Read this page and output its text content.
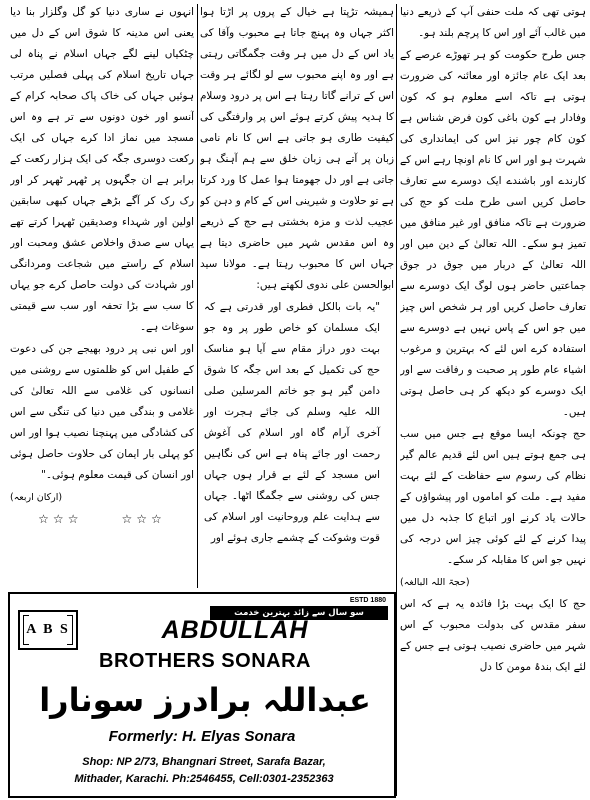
ہوتی تھی کہ ملت حنفی آپ کے ذریعے دنیا میں غالب آئے اور اس کا پرچم بلند ہو۔

جس طرح حکومت کو ہر تھوڑے عرصے کے بعد ایک عام جائزہ اور معائنہ کی ضرورت ہوتی ہے تاکہ اسے معلوم ہو کہ کون وفادار ہے کون باغی کون فرض شناس ہے کون کام چور نیز اس کی ایمانداری کی شہرت ہو اور اس کا نام اونچا رہے اس کے کارندے اور باشندے ایک دوسرے سے تعارف حاصل کریں اسی طرح ملت کو حج کی ضرورت ہے تاکہ منافق اور غیر منافق میں تمیز ہو سکے۔ اللہ تعالیٰ کے دین میں اور اللہ تعالیٰ کے دربار میں جوق در جوق جماعتیں حاضر ہوں لوگ ایک دوسرے سے تعارف حاصل کریں اور ہر شخص اس چیز میں جو اس کے پاس نہیں ہے دوسرے سے استفادہ کرے اس لئے کہ بہترین و مرغوب اشیاء عام طور پر صحبت و رفاقت سے اور ایک دوسرے کو دیکھ کر ہی حاصل ہوتی ہیں۔

حج چونکہ ایسا موقع ہے جس میں سب ہی جمع ہوتے ہیں اس لئے قدیم عالم گیر نظام کی رسوم سے حفاظت کے لئے بہت مفید ہے۔ ملت کو اماموں اور پیشواؤں کے حالات یاد کرنے اور اتباع کا جذبہ دل میں پیدا کرنے کے لئے کوئی چیز اس درجہ کی نہیں جو اس کا مقابلہ کر سکے۔

(حجۃ اللہ البالغہ)

حج کا ایک بہت بڑا فائدہ یہ ہے کہ اس سفر مقدس کی بدولت محبوب کے اس شہر میں حاضری نصیب ہوتی ہے جس کے لئے ایک بندۂ مومن کا دل

ہمیشہ تڑپتا ہے خیال کے پروں پر اڑتا ہوا اکثر جہاں وہ پہنچ جاتا ہے محبوب وآقا کی یاد اس کے دل میں ہر وقت جگمگاتی رہتی ہے اور وہ اپنے محبوب سے لو لگائے ہر وقت اس کے ترانے گاتا رہتا ہے اس پر درود وسلام کا ہدیہ پیش کرتے ہوئے اس پر وارفتگی کی کیفیت طاری ہو جاتی ہے اس کا نام نامی زبان پر آتے ہی زبان خلق سے ہم آہنگ ہو جاتی ہے اور دل جھومتا ہوا عمل کا ورد کرتا ہے تو حلاوت و شیرینی اس کے کام و دہن کو عجیب لذت و مزہ بخشتی ہے حج کے ذریعے وہ اس مقدس شہر میں حاضری دیتا ہے جہاں اس کا محبوب رہتا ہے۔ مولانا سید ابوالحسن علی ندوی لکھتے ہیں:

"یہ بات بالکل فطری اور قدرتی ہے کہ ایک مسلمان کو خاص طور پر وہ جو بہت دور دراز مقام سے آیا ہو مناسک حج کی تکمیل کے بعد اس جگہ کا شوق دامن گیر ہو جو خاتم المرسلین صلی اللہ علیہ وسلم کی جائے ہجرت اور آخری آرام گاہ اور اسلام کی آغوش رحمت اور جائے پناہ ہے اس کی نگاہیں اس مسجد کے لئے بے قرار ہوں جہاں جس کی روشنی سے جگمگا اٹھا۔ جہاں سے ہدایت علم وروحانیت اور اسلام کی قوت وشوکت کے چشمے جاری ہوئے اور

انہوں نے ساری دنیا کو گل وگلزار بنا دیا یعنی اس مدینہ کا شوق اس کے دل میں چٹکیاں لینے لگے جہاں اسلام نے پناہ لی جہاں تاریخ اسلام کی پہلی فصلیں مرتب ہوئیں جہاں کی خاک پاک صحابہ کرام کے آنسو اور خون دونوں سے تر ہے وہ اس مسجد میں نماز ادا کرے جہاں کی ایک رکعت دوسری جگہ کی ایک ہزار رکعت کے برابر ہے ان جگہوں پر ٹھہر ٹھہر کر اور رک رک کر آگے بڑھے جہاں کبھی سابقین اولین اور شہداء وصدیقین ٹھہرا کرتے تھے یہاں سے صدق واخلاص عشق ومحبت اور اسلام کے راستے میں شجاعت ومردانگی اور شہادت کی دولت حاصل کرے جو یہاں کا سب سے بڑا تحفہ اور سب سے قیمتی سوغات ہے۔

اور اس نبی پر درود بھیجے جن کی دعوت کے طفیل اس کو ظلمتوں سے روشنی میں انسانوں کی غلامی سے اللہ تعالیٰ کی غلامی و بندگی میں دنیا کی تنگی سے اس کی کشادگی میں پہنچنا نصیب ہوا اور اس کو پہلی بار ایمان کی حلاوت حاصل ہوئی اور انسان کی قیمت معلوم ہوئی۔"

(ارکان اربعہ)

☆☆☆	☆☆☆

ESTD 1880
سو سال سے زائد بہترین خدمت
A B S	ABDULLAH
BROTHERS SONARA
عبداللہ برادرز سونارا
Formerly: H. Elyas Sonara
Shop: NP 2/73, Bhangnari Street, Sarafa Bazar,
Mithader, Karachi. Ph:2546455, Cell:0301-2352363
